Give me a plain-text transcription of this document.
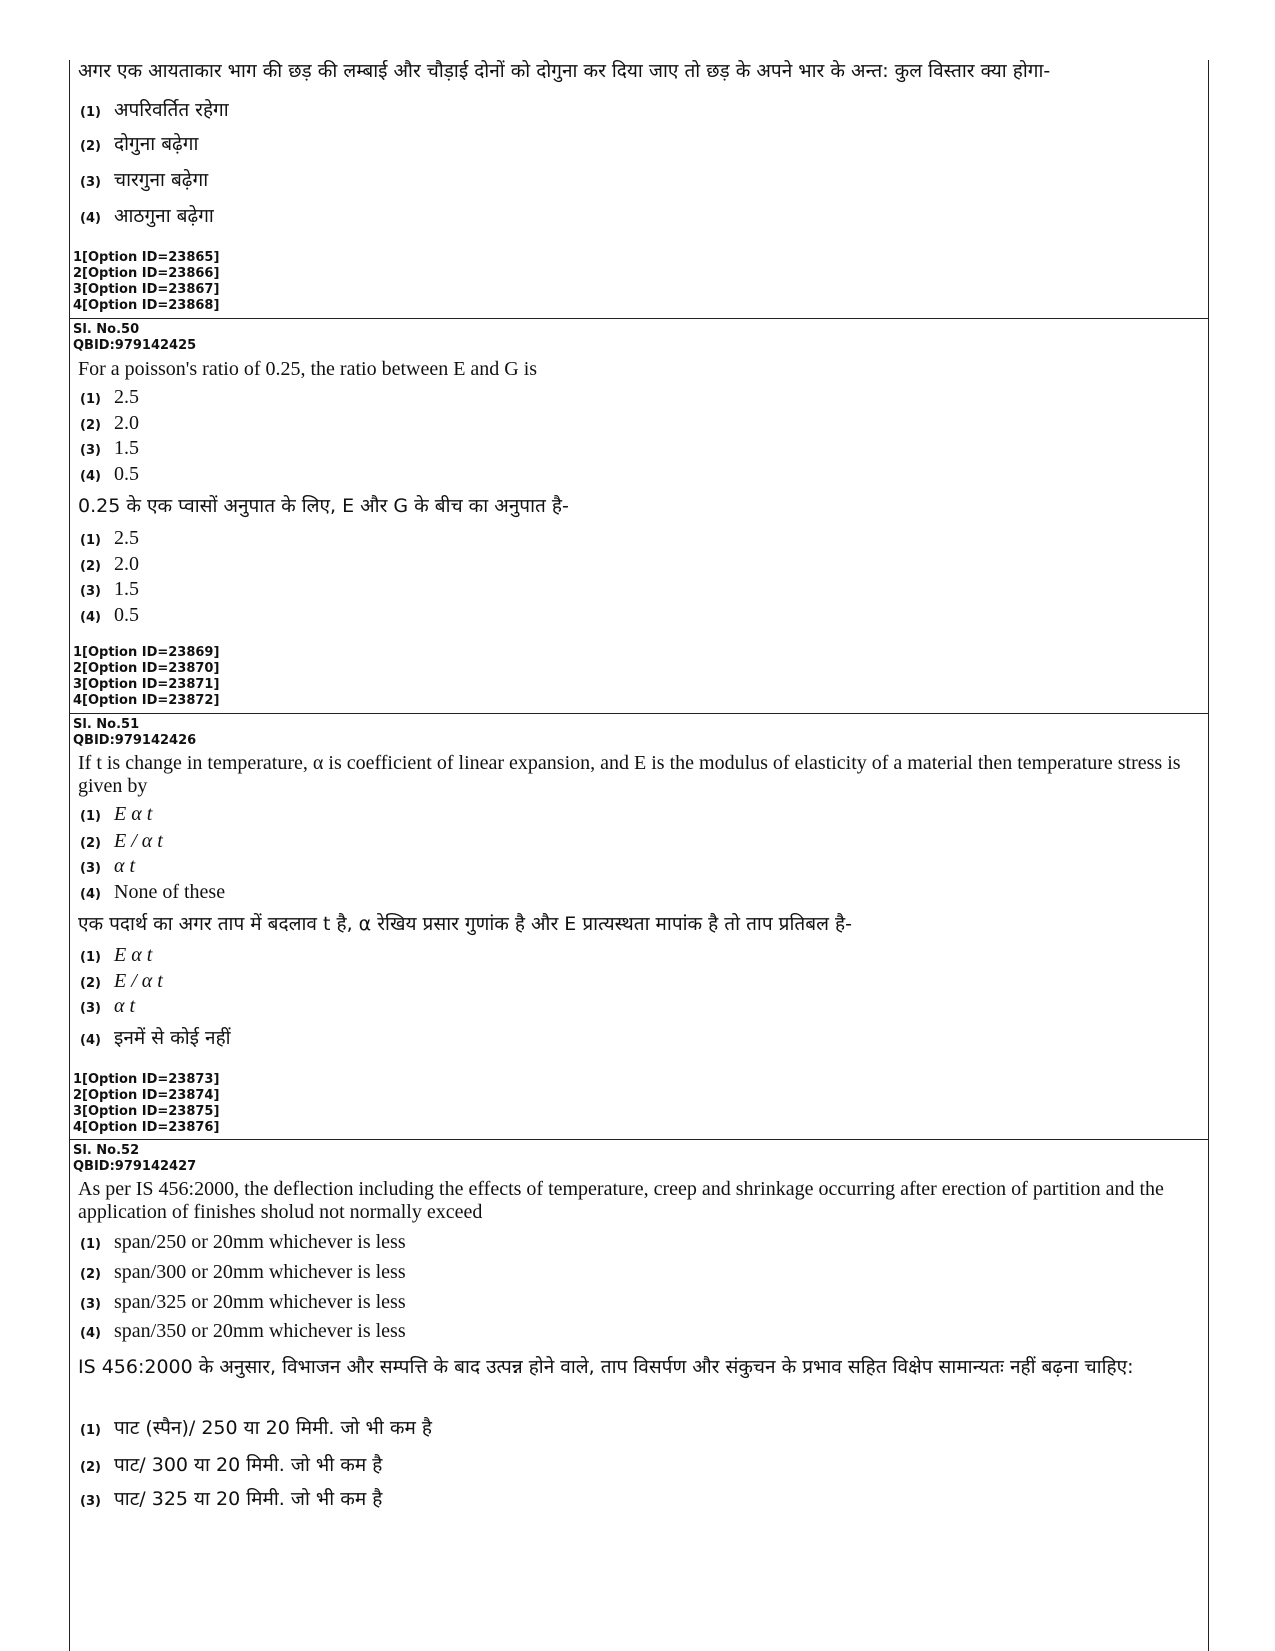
अगर एक आयताकार भाग की छड़ की लम्बाई और चौड़ाई दोनों को दोगुना कर दिया जाए तो छड़ के अपने भार के अन्त: कुल विस्तार क्या होगा-
(1) अपरिवर्तित रहेगा
(2) दोगुना बढ़ेगा
(3) चारगुना बढ़ेगा
(4) आठगुना बढ़ेगा
1[Option ID=23865]
2[Option ID=23866]
3[Option ID=23867]
4[Option ID=23868]
Sl. No.50
QBID:979142425
For a poisson's ratio of 0.25, the ratio between E and G is
(1) 2.5
(2) 2.0
(3) 1.5
(4) 0.5
0.25 के एक प्वासों अनुपात के लिए, E और G के बीच का अनुपात है-
(1) 2.5
(2) 2.0
(3) 1.5
(4) 0.5
1[Option ID=23869]
2[Option ID=23870]
3[Option ID=23871]
4[Option ID=23872]
Sl. No.51
QBID:979142426
If t is change in temperature, α is coefficient of linear expansion, and E is the modulus of elasticity of a material then temperature stress is given by
(1) E α t
(2) E / α t
(3) α t
(4) None of these
एक पदार्थ का अगर ताप में बदलाव t है, α रेखिय प्रसार गुणांक है और E प्रात्यस्थता मापांक है तो ताप प्रतिबल है-
(1) E α t
(2) E / α t
(3) α t
(4) इनमें से कोई नहीं
1[Option ID=23873]
2[Option ID=23874]
3[Option ID=23875]
4[Option ID=23876]
Sl. No.52
QBID:979142427
As per IS 456:2000, the deflection including the effects of temperature, creep and shrinkage occurring after erection of partition and the application of finishes sholud not normally exceed
(1) span/250 or 20mm whichever is less
(2) span/300 or 20mm whichever is less
(3) span/325 or 20mm whichever is less
(4) span/350 or 20mm whichever is less
IS 456:2000 के अनुसार, विभाजन और सम्पत्ति के बाद उत्पन्न होने वाले, ताप विसर्पण और संकुचन के प्रभाव सहित विक्षेप सामान्यतः नहीं बढ़ना चाहिए:
(1) पाट (स्पैन)/ 250 या 20 मिमी. जो भी कम है
(2) पाट/ 300 या 20 मिमी. जो भी कम है
(3) पाट/ 325 या 20 मिमी. जो भी कम है
